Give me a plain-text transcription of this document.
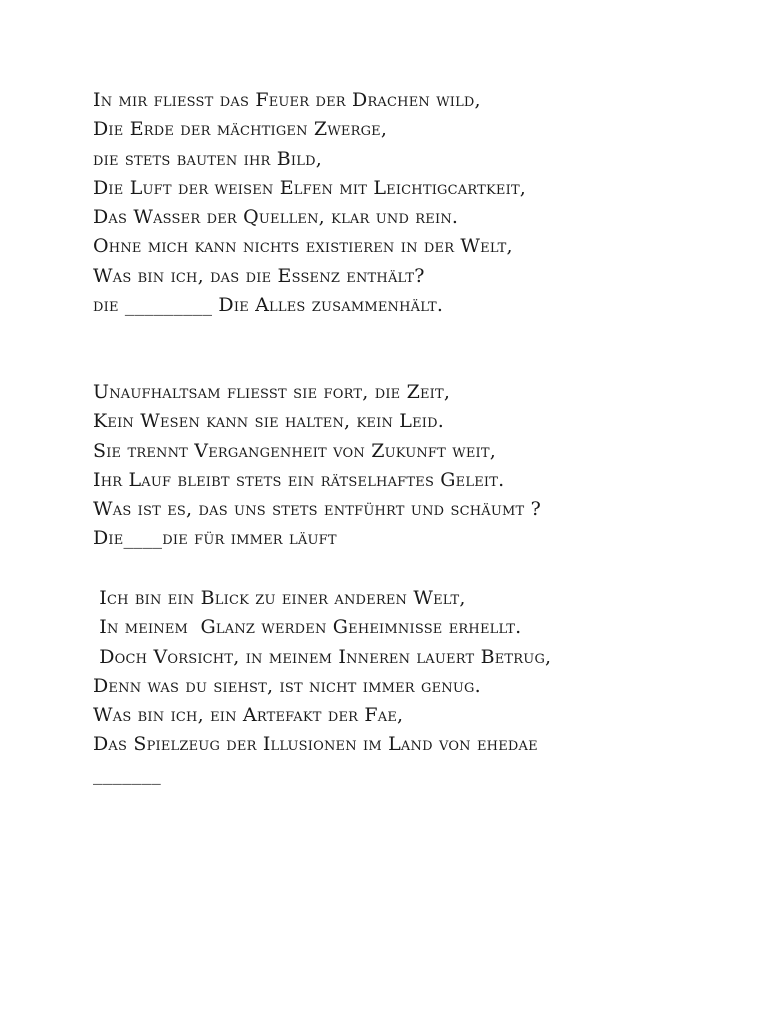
In mir fliesst das Feuer der Drachen wild,
Die Erde der mächtigen Zwerge,
die stets bauten ihr Bild,
Die Luft der weisen Elfen mit Leichtigcartkeit,
Das Wasser der Quellen, klar und rein.
Ohne mich kann nichts existieren in der Welt,
Was bin ich, das die Essenz enthält?
die _________ Die Alles zusammenhält.
Unaufhaltsam fliesst sie fort, die Zeit,
Kein Wesen kann sie halten, kein Leid.
Sie trennt Vergangenheit von Zukunft weit,
Ihr Lauf bleibt stets ein rätselhaftes Geleit.
Was ist es, das uns stets entführt und schäumt ?
Die____die für immer läuft
Ich bin ein Blick zu einer anderen Welt,
In meinem  Glanz werden Geheimnisse erhellt.
Doch Vorsicht, in meinem Inneren lauert Betrug,
Denn was du siehst, ist nicht immer genug.
Was bin ich, ein Artefakt der Fae,
Das Spielzeug der Illusionen im Land von ehedae
_______
